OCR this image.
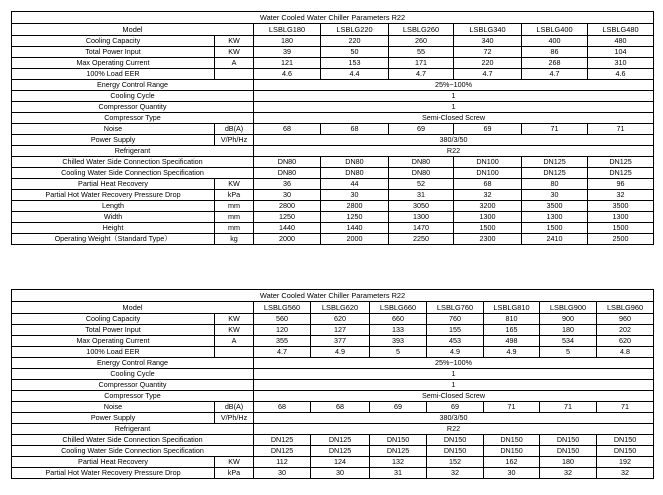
Water Cooled Water Chiller Parameters R22							
Model		LSBLG180	LSBLG220	LSBLG260	LSBLG340	LSBLG400	LSBLG480
Cooling Capacity	KW	180	220	260	340	400	480
Total Power Input	KW	39	50	55	72	86	104
Max Operating Current	A	121	153	171	220	268	310
100% Load EER		4.6	4.4	4.7	4.7	4.7	4.6
Energy Control Range		25%~100%					
Cooling Cycle		1					
Compressor Quantity		1					
Compressor Type		Semi-Closed Screw					
Noise	dB(A)	68	68	69	69	71	71
Power Supply	V/Ph/Hz	380/3/50					
Refrigerant		R22					
Chilled Water Side Connection Specification		DN80	DN80	DN80	DN100	DN125	DN125
Cooling Water Side Connection Specification		DN80	DN80	DN80	DN100	DN125	DN125
Partial Heat Recovery	KW	36	44	52	68	80	96
Partial Hot Water Recovery Pressure Drop	kPa	30	30	31	32	30	32
Length	mm	2800	2800	3050	3200	3500	3500
Width	mm	1250	1250	1300	1300	1300	1300
Height	mm	1440	1440	1470	1500	1500	1500
Operating Weight（Standard Type）	kg	2000	2000	2250	2300	2410	2500
Water Cooled Water Chiller Parameters R22								
Model		LSBLG560	LSBLG620	LSBLG660	LSBLG760	LSBLG810	LSBLG900	LSBLG960
Cooling Capacity	KW	560	620	660	760	810	900	960
Total Power Input	KW	120	127	133	155	165	180	202
Max Operating Current	A	355	377	393	453	498	534	620
100% Load EER		4.7	4.9	5	4.9	4.9	5	4.8
Energy Control Range		25%~100%						
Cooling Cycle		1						
Compressor Quantity		1						
Compressor Type		Semi-Closed Screw						
Noise	dB(A)	68	68	69	69	71	71	71
Power Supply	V/Ph/Hz	380/3/50						
Refrigerant		R22						
Chilled Water Side Connection Specification		DN125	DN125	DN150	DN150	DN150	DN150	DN150
Cooling Water Side Connection Specification		DN125	DN125	DN125	DN150	DN150	DN150	DN150
Partial Heat Recovery	KW	112	124	132	152	162	180	192
Partial Hot Water Recovery Pressure Drop	kPa	30	30	31	32	30	32	32
